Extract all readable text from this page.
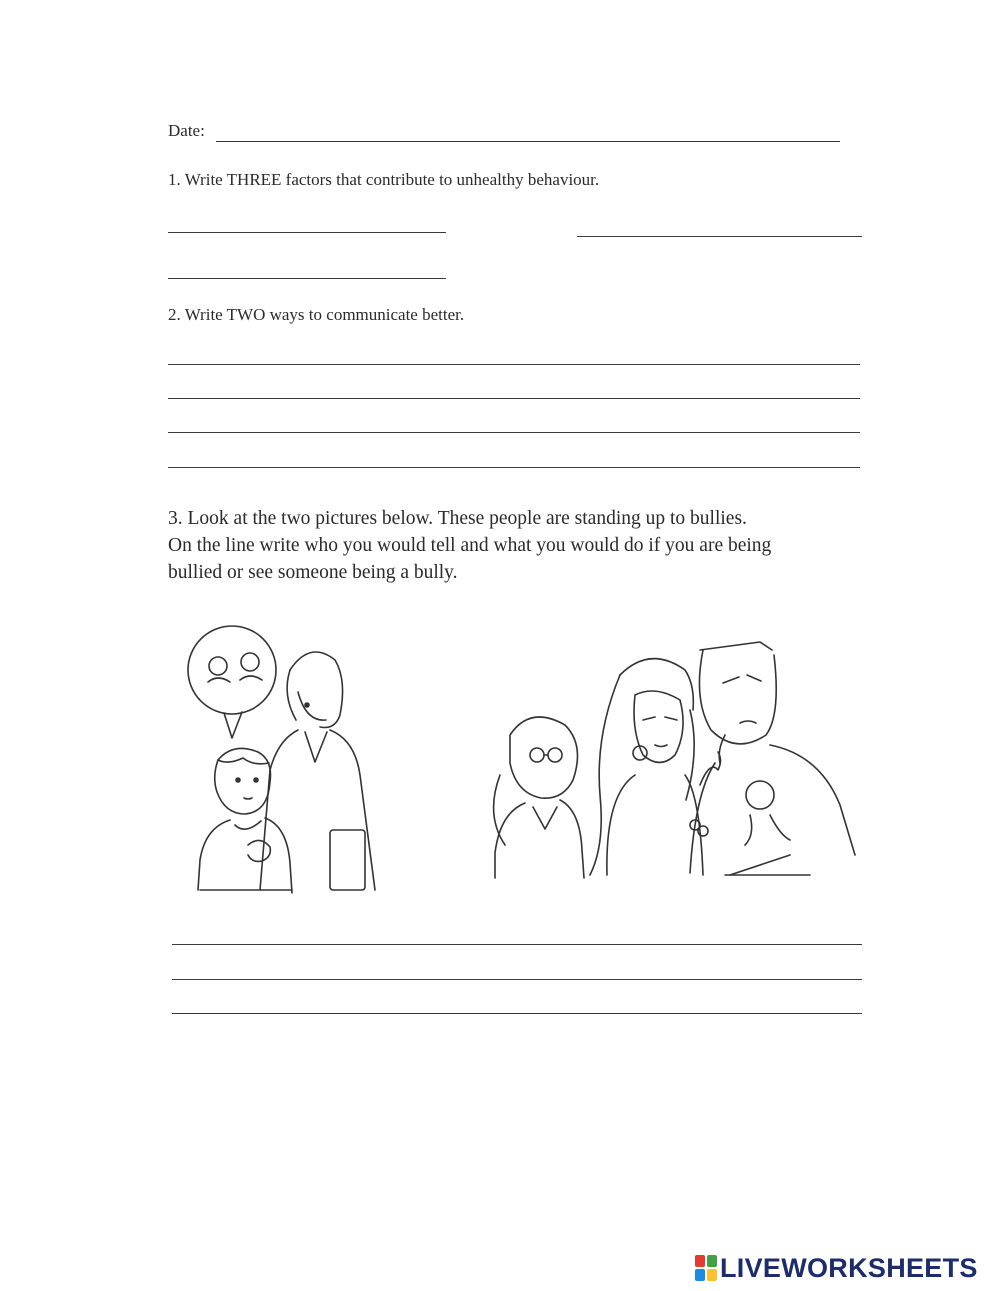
Date:
1. Write THREE factors that contribute to unhealthy behaviour.
2. Write TWO ways to communicate better.
3. Look at the two pictures below. These people are standing up to bullies.
On the line write who you would tell and what you would do if you are being
bullied or see someone being a bully.
LIVEWORKSHEETS
